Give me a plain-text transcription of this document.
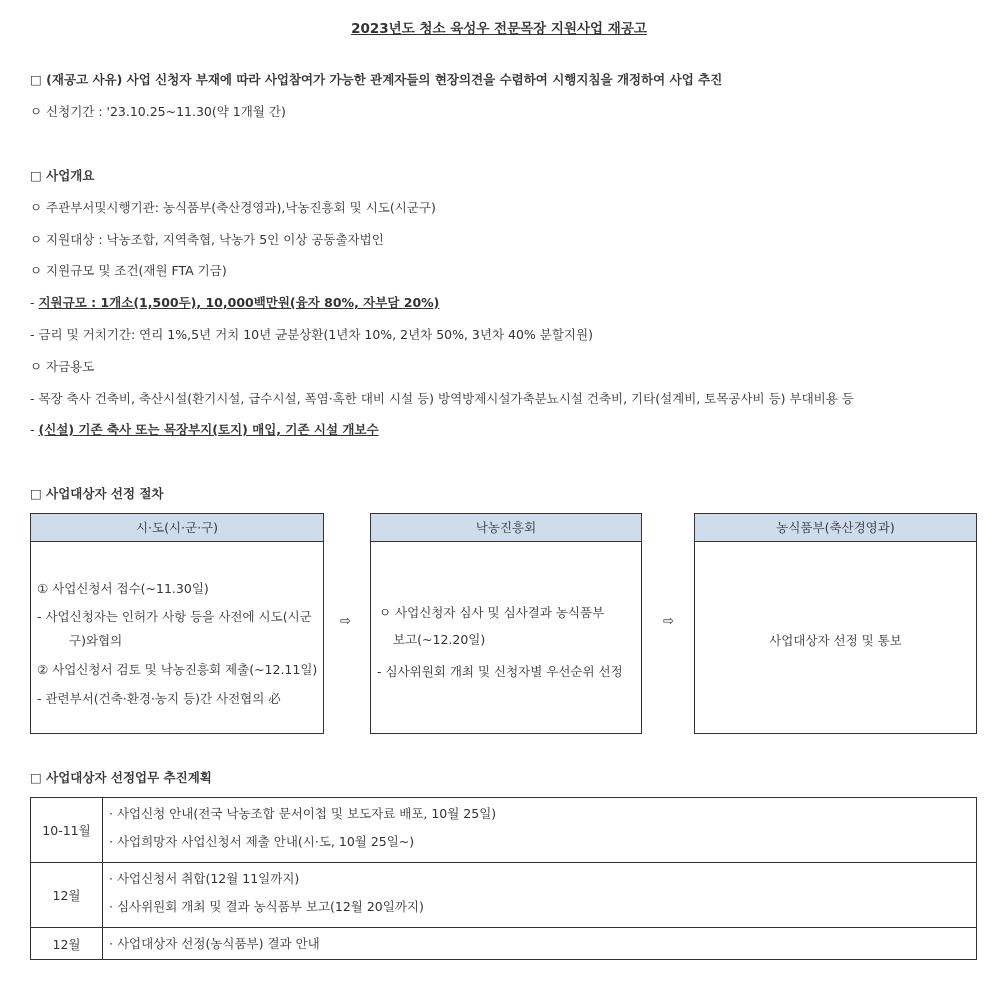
2023년도 청소 육성우 전문목장 지원사업 재공고
□ (재공고 사유) 사업 신청자 부재에 따라 사업참여가 가능한 관계자들의 현장의견을 수렴하여 시행지침을 개정하여 사업 추진
ㅇ 신청기간 : '23.10.25~11.30(약 1개월 간)
□ 사업개요
ㅇ 주관부서및시행기관: 농식품부(축산경영과),낙농진흥회 및 시도(시군구)
ㅇ 지원대상 : 낙농조합, 지역축협, 낙농가 5인 이상 공동출자법인
ㅇ 지원규모 및 조건(재원 FTA 기금)
- 지원규모 : 1개소(1,500두), 10,000백만원(융자 80%, 자부담 20%)
- 금리 및 거치기간: 연리 1%,5년 거치 10년 균분상환(1년차 10%, 2년차 50%, 3년차 40% 분할지원)
ㅇ 자금용도
- 목장 축사 건축비, 축산시설(환기시설, 급수시설, 폭염·혹한 대비 시설 등) 방역방제시설가축분뇨시설 건축비, 기타(설계비, 토목공사비 등) 부대비용 등
- (신설) 기존 축사 또는 목장부지(토지) 매입, 기존 시설 개보수
□ 사업대상자 선정 절차
시·도(시·군·구)
① 사업신청서 접수(~11.30일)
- 사업신청자는 인허가 사항 등을 사전에 시도(시군
구)와협의
② 사업신청서 검토 및 낙농진흥회 제출(~12.11일)
- 관련부서(건축·환경·농지 등)간 사전협의 必
⇨
낙농진흥회
ㅇ 사업신청자 심사 및 심사결과 농식품부
보고(~12.20일)
- 심사위원회 개최 및 신청자별 우선순위 선정
⇨
농식품부(축산경영과)
사업대상자 선정 및 통보
□ 사업대상자 선정업무 추진계획
10-11월	· 사업신청 안내(전국 낙농조합 문서이첩 및 보도자료 배포, 10월 25일)
· 사업희망자 사업신청서 제출 안내(시·도, 10월 25일~)

12월	· 사업신청서 취합(12월 11일까지)
· 심사위원회 개최 및 결과 농식품부 보고(12월 20일까지)

12월	· 사업대상자 선정(농식품부) 결과 안내
